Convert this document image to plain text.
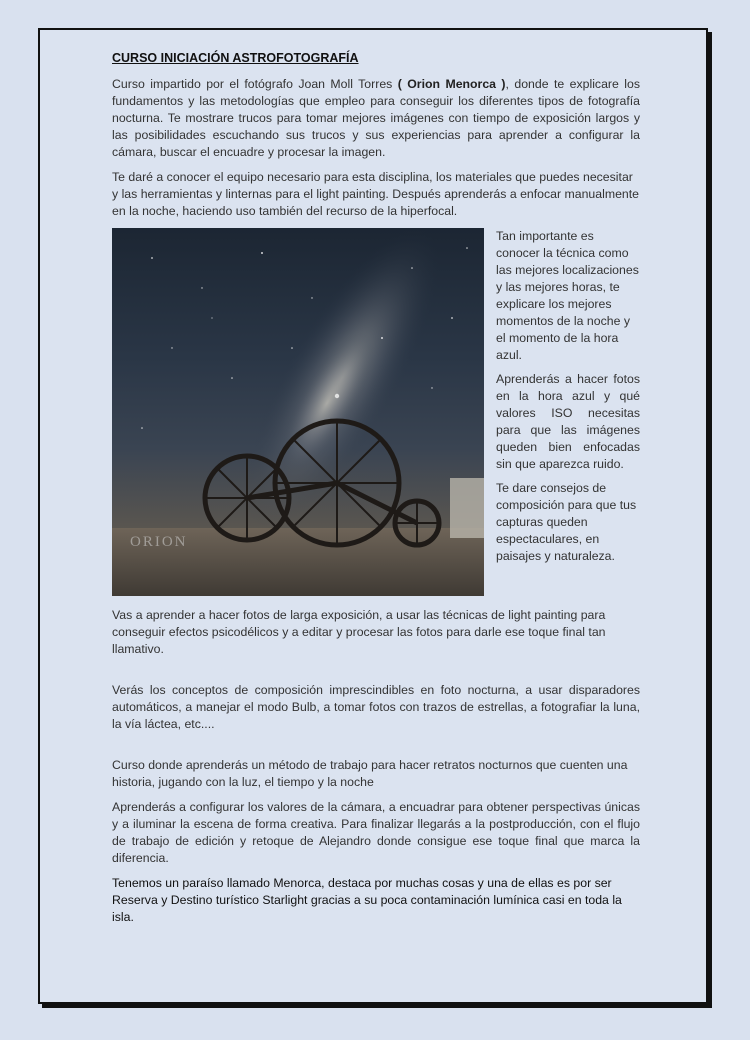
CURSO INICIACIÓN ASTROFOTOGRAFÍA

Curso impartido por el fotógrafo Joan Moll Torres ( Orion Menorca ), donde te explicare los fundamentos y las metodologías que empleo para conseguir los diferentes tipos de fotografía nocturna. Te mostrare trucos para tomar mejores imágenes con tiempo de exposición largos y las posibilidades escuchando sus trucos y sus experiencias para aprender a configurar la cámara, buscar el encuadre y procesar la imagen.

Te daré a conocer el equipo necesario para esta disciplina, los materiales que puedes necesitar y las herramientas y linternas para el light painting. Después aprenderás a enfocar manualmente en la noche, haciendo uso también del recurso de la hiperfocal.

ORION

Tan importante es conocer la técnica como las mejores localizaciones y las mejores horas, te explicare los mejores momentos de la noche y el momento de la hora azul.

Aprenderás a hacer fotos en la hora azul y qué valores ISO necesitas para que las imágenes queden bien enfocadas sin que aparezca ruido.

Te dare consejos de composición para que tus capturas queden espectaculares, en paisajes y naturaleza.

Vas a aprender a hacer fotos de larga exposición, a usar las técnicas de light painting para conseguir efectos psicodélicos y a editar y procesar las fotos para darle ese toque final tan llamativo.

Verás los conceptos de composición imprescindibles en foto nocturna, a usar disparadores automáticos, a manejar el modo Bulb, a tomar fotos con trazos de estrellas, a fotografiar la luna, la vía láctea, etc....

Curso donde aprenderás un método de trabajo para hacer retratos nocturnos que cuenten una historia, jugando con la luz, el tiempo y la noche

Aprenderás a configurar los valores de la cámara, a encuadrar para obtener perspectivas únicas y a iluminar la escena de forma creativa. Para finalizar llegarás a la postproducción, con el flujo de trabajo de edición y retoque de Alejandro donde consigue ese toque final que marca la diferencia.

Tenemos un paraíso llamado Menorca, destaca por muchas cosas y una de ellas es por ser Reserva y Destino turístico Starlight gracias a su poca contaminación lumínica casi en toda la isla.
